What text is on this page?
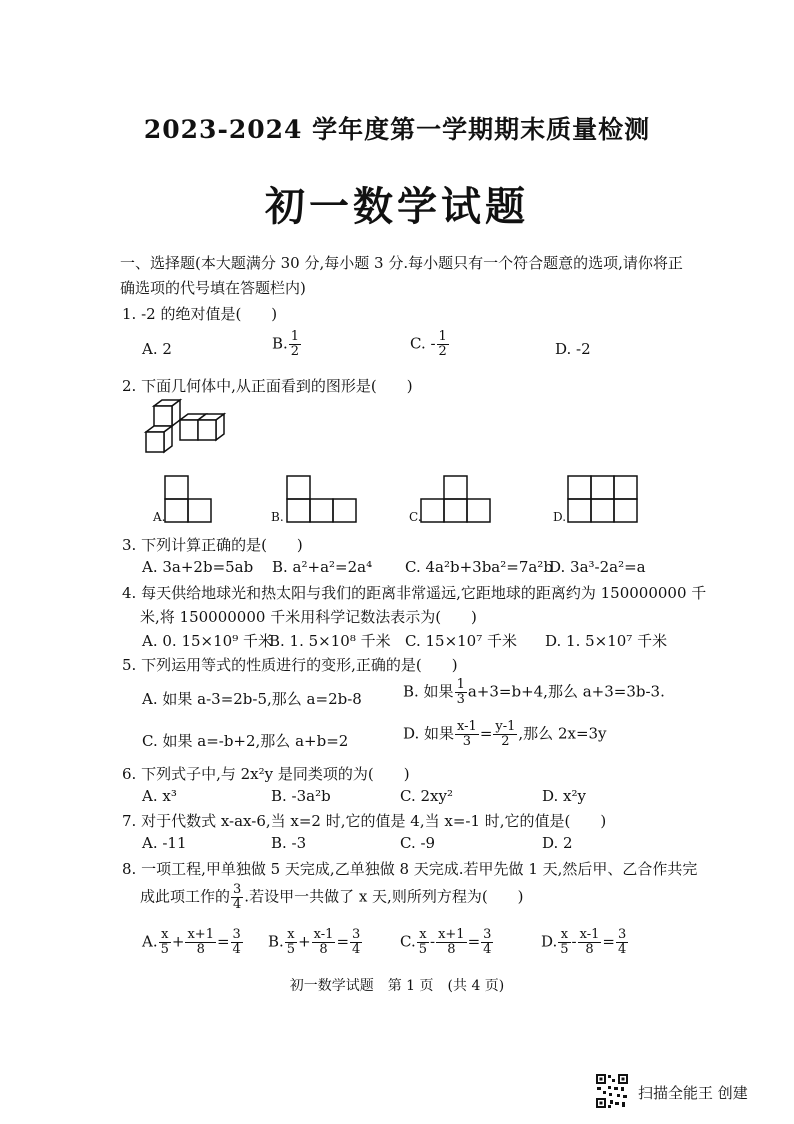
2023-2024 学年度第一学期期末质量检测
初一数学试题
一、选择题(本大题满分 30 分,每小题 3 分.每小题只有一个符合题意的选项,请你将正
确选项的代号填在答题栏内)
1. -2 的绝对值是(　　)
A. 2	B. $\frac{1}{2}$	C. - $\frac{1}{2}$	D. -2
2. 下面几何体中,从正面看到的图形是(　　)
A.	B.	C.	D.
3. 下列计算正确的是(　　)
A. 3a+2b=5ab B. a²+a²=2a⁴ C. 4a²b+3ba²=7a²b
D. 3a³-2a²=a
4. 每天供给地球光和热太阳与我们的距离非常遥远,它距地球的距离约为 150000000 千
米,将 150000000 千米用科学记数法表示为(　　)
A. 0. 15×10⁹ 千米
B. 1. 5×10⁸ 千米 C. 15×10⁷ 千米 D. 1. 5×10⁷ 千米
5. 下列运用等式的性质进行的变形,正确的是(　　)
A. 如果 a-3=2b-5,那么 a=2b-8	B. 如果 $\frac{1}{3} a+3=b+4$,那么 a+3=3b-3.
C. 如果 a=-b+2,那么 a+b=2	D. 如果 $\frac{x-1}{3} = \frac{y-1}{2}$ ,那么 2x=3y
6. 下列式子中,与 2x²y 是同类项的为(　　)
A. x³	B. -3a²b	C. 2xy²	D. x²y
7. 对于代数式 x-ax-6,当 x=2 时,它的值是 4,当 x=-1 时,它的值是(　　)
A. -11	B. -3	C. -9	D. 2
8. 一项工程,甲单独做 5 天完成,乙单独做 8 天完成.若甲先做 1 天,然后甲、乙合作共完
成此项工作的 $\frac{3}{4}$ .若设甲一共做了 x 天,则所列方程为(　　)
A. $\frac{x}{5} + \frac{x+1}{8} = \frac{3}{4} B$. $\frac{x}{5} + \frac{x-1}{8} = \frac{3}{4}$	C. $\frac{x}{5} - \frac{x+1}{8} = \frac{3}{4}$	D. $\frac{x}{5} - \frac{x-1}{8} = \frac{3}{4}$
初一数学试题　第 1 页　(共 4 页)
扫描全能王 创建
